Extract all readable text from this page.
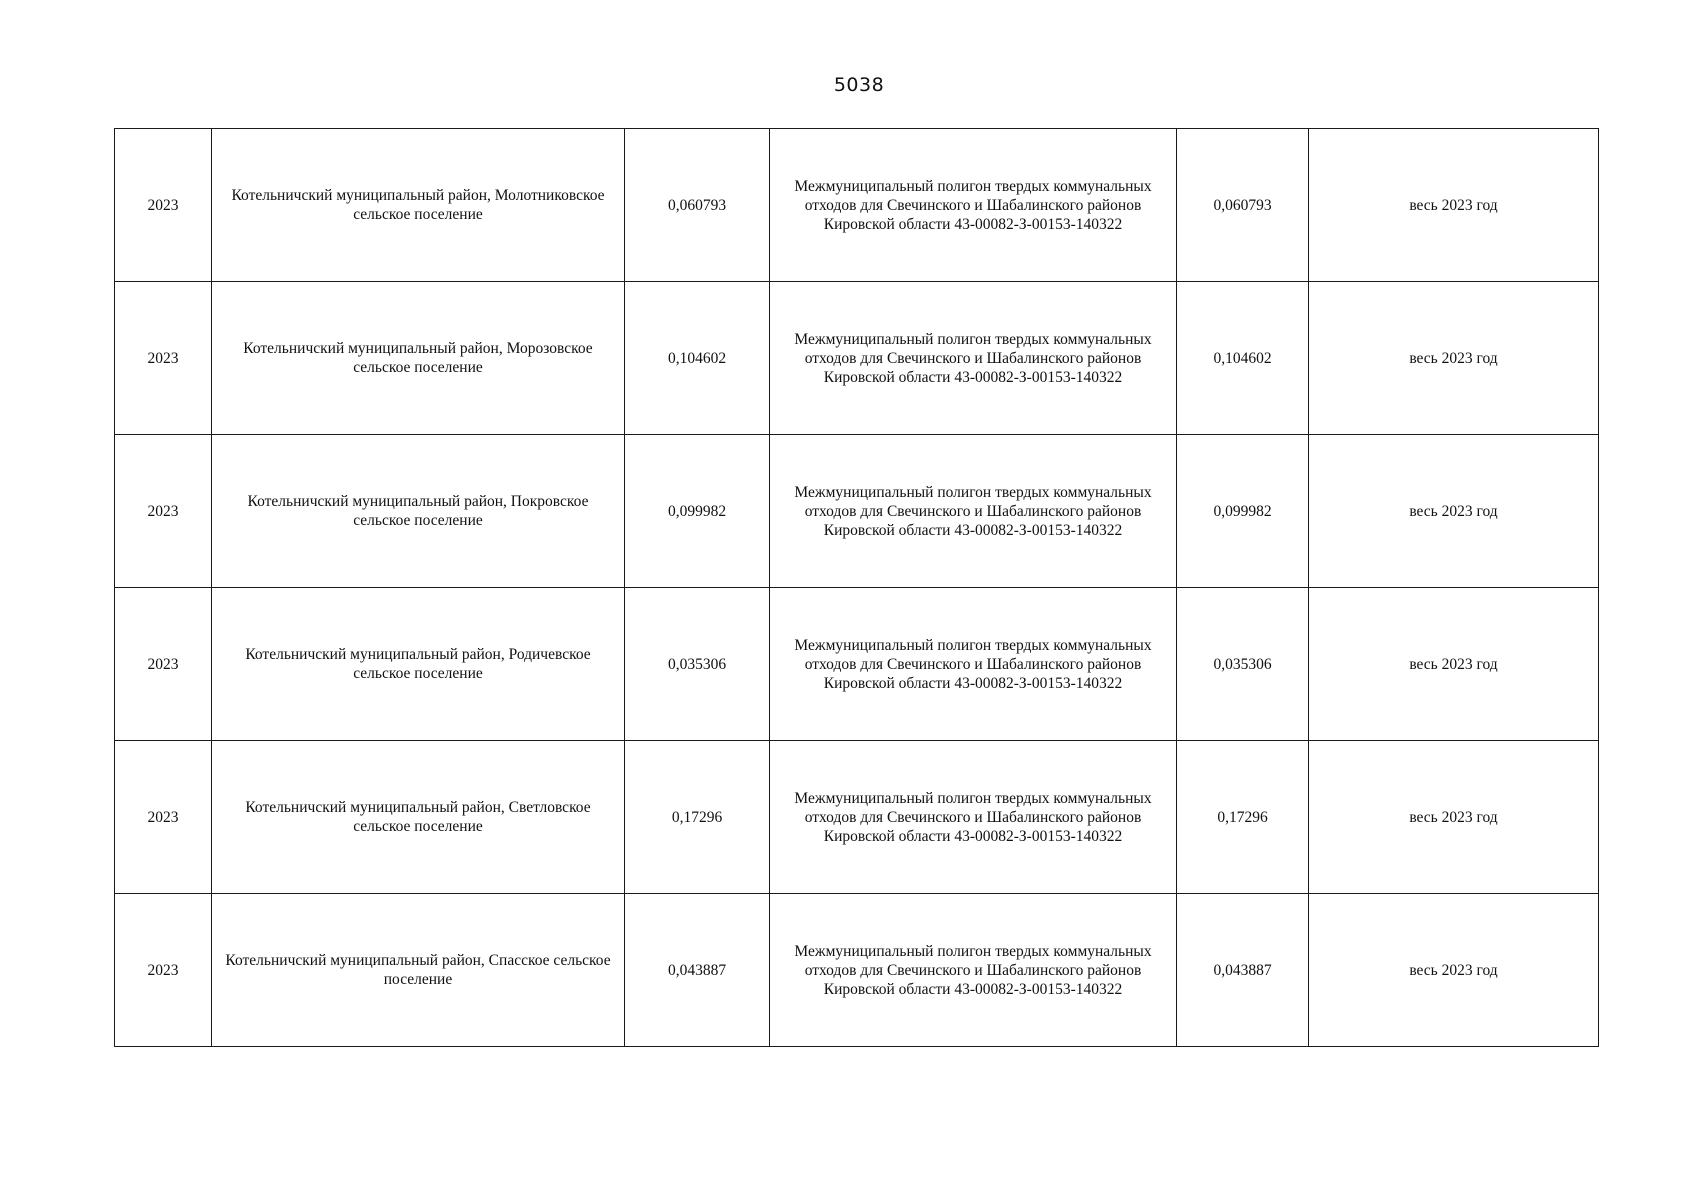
5038
2023	Котельничский муниципальный район, Молотниковское сельское поселение	0,060793	Межмуниципальный полигон твердых коммунальных отходов для Свечинского и Шабалинского районов Кировской области 43-00082-З-00153-140322	0,060793	весь 2023 год
2023	Котельничский муниципальный район, Морозовское сельское поселение	0,104602	Межмуниципальный полигон твердых коммунальных отходов для Свечинского и Шабалинского районов Кировской области 43-00082-З-00153-140322	0,104602	весь 2023 год
2023	Котельничский муниципальный район, Покровское сельское поселение	0,099982	Межмуниципальный полигон твердых коммунальных отходов для Свечинского и Шабалинского районов Кировской области 43-00082-З-00153-140322	0,099982	весь 2023 год
2023	Котельничский муниципальный район, Родичевское сельское поселение	0,035306	Межмуниципальный полигон твердых коммунальных отходов для Свечинского и Шабалинского районов Кировской области 43-00082-З-00153-140322	0,035306	весь 2023 год
2023	Котельничский муниципальный район, Светловское сельское поселение	0,17296	Межмуниципальный полигон твердых коммунальных отходов для Свечинского и Шабалинского районов Кировской области 43-00082-З-00153-140322	0,17296	весь 2023 год
2023	Котельничский муниципальный район, Спасское сельское поселение	0,043887	Межмуниципальный полигон твердых коммунальных отходов для Свечинского и Шабалинского районов Кировской области 43-00082-З-00153-140322	0,043887	весь 2023 год
